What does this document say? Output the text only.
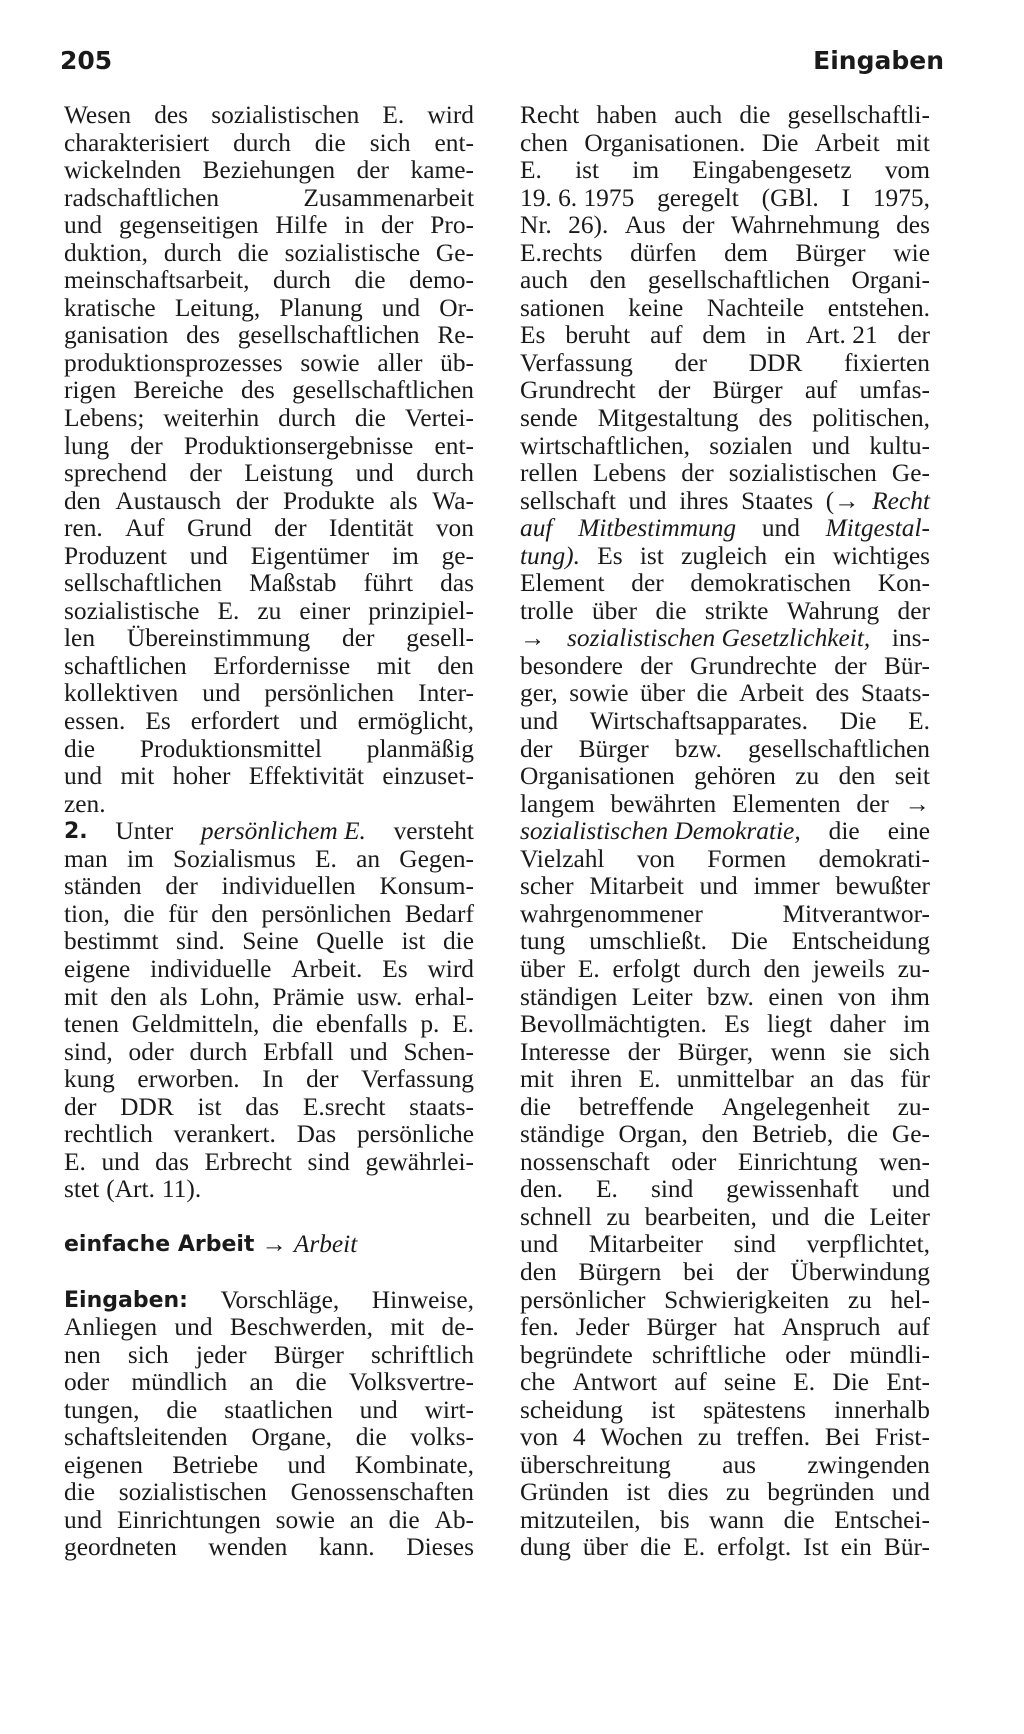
205	Eingaben
Wesen des sozialistischen E. wird
charakterisiert durch die sich ent-
wickelnden Beziehungen der kame-
radschaftlichen	Zusammenarbeit
und gegenseitigen Hilfe in der Pro-
duktion, durch die sozialistische Ge-
meinschaftsarbeit, durch die demo-
kratische Leitung, Planung und Or-
ganisation des gesellschaftlichen Re-
produktionsprozesses sowie aller üb-
rigen Bereiche des gesellschaftlichen
Lebens; weiterhin durch die Vertei-
lung der Produktionsergebnisse ent-
sprechend der Leistung und durch
den Austausch der Produkte als Wa-
ren. Auf Grund der Identität von
Produzent und Eigentümer im ge-
sellschaftlichen Maßstab führt das
sozialistische E. zu einer prinzipiel-
len Übereinstimmung der gesell-
schaftlichen Erfordernisse mit den
kollektiven und persönlichen Inter-
essen. Es erfordert und ermöglicht,
die Produktionsmittel planmäßig
und mit hoher Effektivität einzuset-
zen.
2. Unter persönlichem E. versteht
man im Sozialismus E. an Gegen-
ständen der individuellen Konsum-
tion, die für den persönlichen Bedarf
bestimmt sind. Seine Quelle ist die
eigene individuelle Arbeit. Es wird
mit den als Lohn, Prämie usw. erhal-
tenen Geldmitteln, die ebenfalls p. E.
sind, oder durch Erbfall und Schen-
kung erworben. In der Verfassung
der DDR ist das E.srecht staats-
rechtlich verankert. Das persönliche
E. und das Erbrecht sind gewährlei-
stet (Art. 11).
einfache Arbeit → Arbeit
Eingaben: Vorschläge, Hinweise,
Anliegen und Beschwerden, mit de-
nen sich jeder Bürger schriftlich
oder mündlich an die Volksvertre-
tungen, die staatlichen und wirt-
schaftsleitenden Organe, die volks-
eigenen Betriebe und Kombinate,
die sozialistischen Genossenschaften
und Einrichtungen sowie an die Ab-
geordneten wenden kann. Dieses
Recht haben auch die gesellschaftli-
chen Organisationen. Die Arbeit mit
E. ist im Eingabengesetz vom
19. 6. 1975 geregelt (GBl. I 1975,
Nr. 26). Aus der Wahrnehmung des
E.rechts dürfen dem Bürger wie
auch den gesellschaftlichen Organi-
sationen keine Nachteile entstehen.
Es beruht auf dem in Art. 21 der
Verfassung der DDR fixierten
Grundrecht der Bürger auf umfas-
sende Mitgestaltung des politischen,
wirtschaftlichen, sozialen und kultu-
rellen Lebens der sozialistischen Ge-
sellschaft und ihres Staates (→ Recht
auf Mitbestimmung und Mitgestal-
tung). Es ist zugleich ein wichtiges
Element der demokratischen Kon-
trolle über die strikte Wahrung der
→ sozialistischen Gesetzlichkeit, ins-
besondere der Grundrechte der Bür-
ger, sowie über die Arbeit des Staats-
und Wirtschaftsapparates. Die E.
der Bürger bzw. gesellschaftlichen
Organisationen gehören zu den seit
langem bewährten Elementen der →
sozialistischen Demokratie, die eine
Vielzahl von Formen demokrati-
scher Mitarbeit und immer bewußter
wahrgenommener	Mitverantwor-
tung umschließt. Die Entscheidung
über E. erfolgt durch den jeweils zu-
ständigen Leiter bzw. einen von ihm
Bevollmächtigten. Es liegt daher im
Interesse der Bürger, wenn sie sich
mit ihren E. unmittelbar an das für
die betreffende Angelegenheit zu-
ständige Organ, den Betrieb, die Ge-
nossenschaft oder Einrichtung wen-
den. E. sind gewissenhaft und
schnell zu bearbeiten, und die Leiter
und Mitarbeiter sind verpflichtet,
den Bürgern bei der Überwindung
persönlicher Schwierigkeiten zu hel-
fen. Jeder Bürger hat Anspruch auf
begründete schriftliche oder mündli-
che Antwort auf seine E. Die Ent-
scheidung ist spätestens innerhalb
von 4 Wochen zu treffen. Bei Frist-
überschreitung aus zwingenden
Gründen ist dies zu begründen und
mitzuteilen, bis wann die Entschei-
dung über die E. erfolgt. Ist ein Bür-
